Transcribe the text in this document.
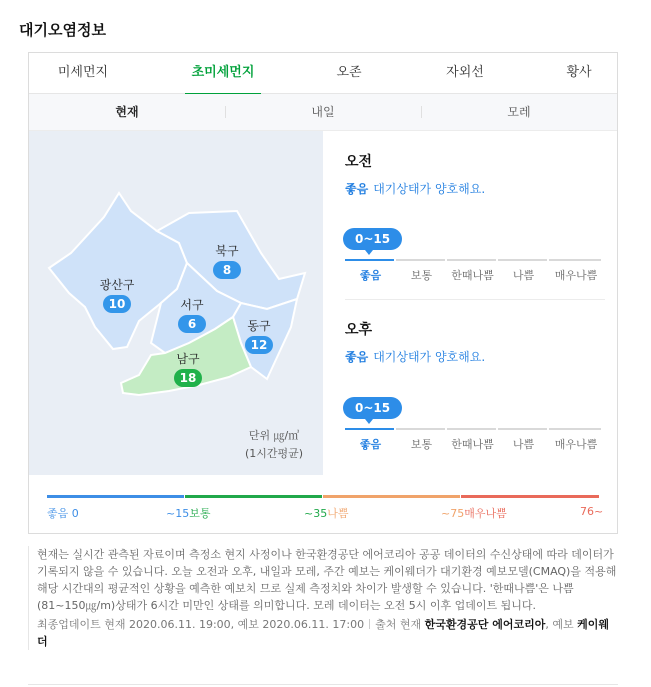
대기오염정보
미세먼지	초미세먼지	오존	자외선	황사
현재	내일	모레
광산구
10
북구
8
서구
6	동구
12
남구
18
단위 ㎍/㎥
(1시간평균)
오전
좋음 대기상태가 양호해요.
0~15
좋음	보통	한때나쁨	나쁨	매우나쁨
오후
좋음 대기상태가 양호해요.
0~15
좋음	보통	한때나쁨	나쁨	매우나쁨
좋음 0	~15보통	~35나쁨	~75매우나쁨	76~
현재는 실시간 관측된 자료이며 측정소 현지 사정이나 한국환경공단 에어코리아 공공 데이터의 수신상태에 따라 데이터가 기록되지 않을 수 있습니다. 오늘 오전과 오후, 내일과 모레, 주간 예보는 케이웨더가 대기환경 예보모델(CMAQ)을 적용해 해당 시간대의 평균적인 상황을 예측한 예보치 므로 실제 측정치와 차이가 발생할 수 있습니다. '한때나쁨'은 나쁨(81~150㎍/m)상태가 6시간 미만인 상태를 의미합니다. 모레 데이터는 오전 5시 이후 업데이트 됩니다.
최종업데이트 현재 2020.06.11. 19:00, 예보 2020.06.11. 17:00 출처 현재 한국환경공단 에어코리아, 예보 케이웨더
